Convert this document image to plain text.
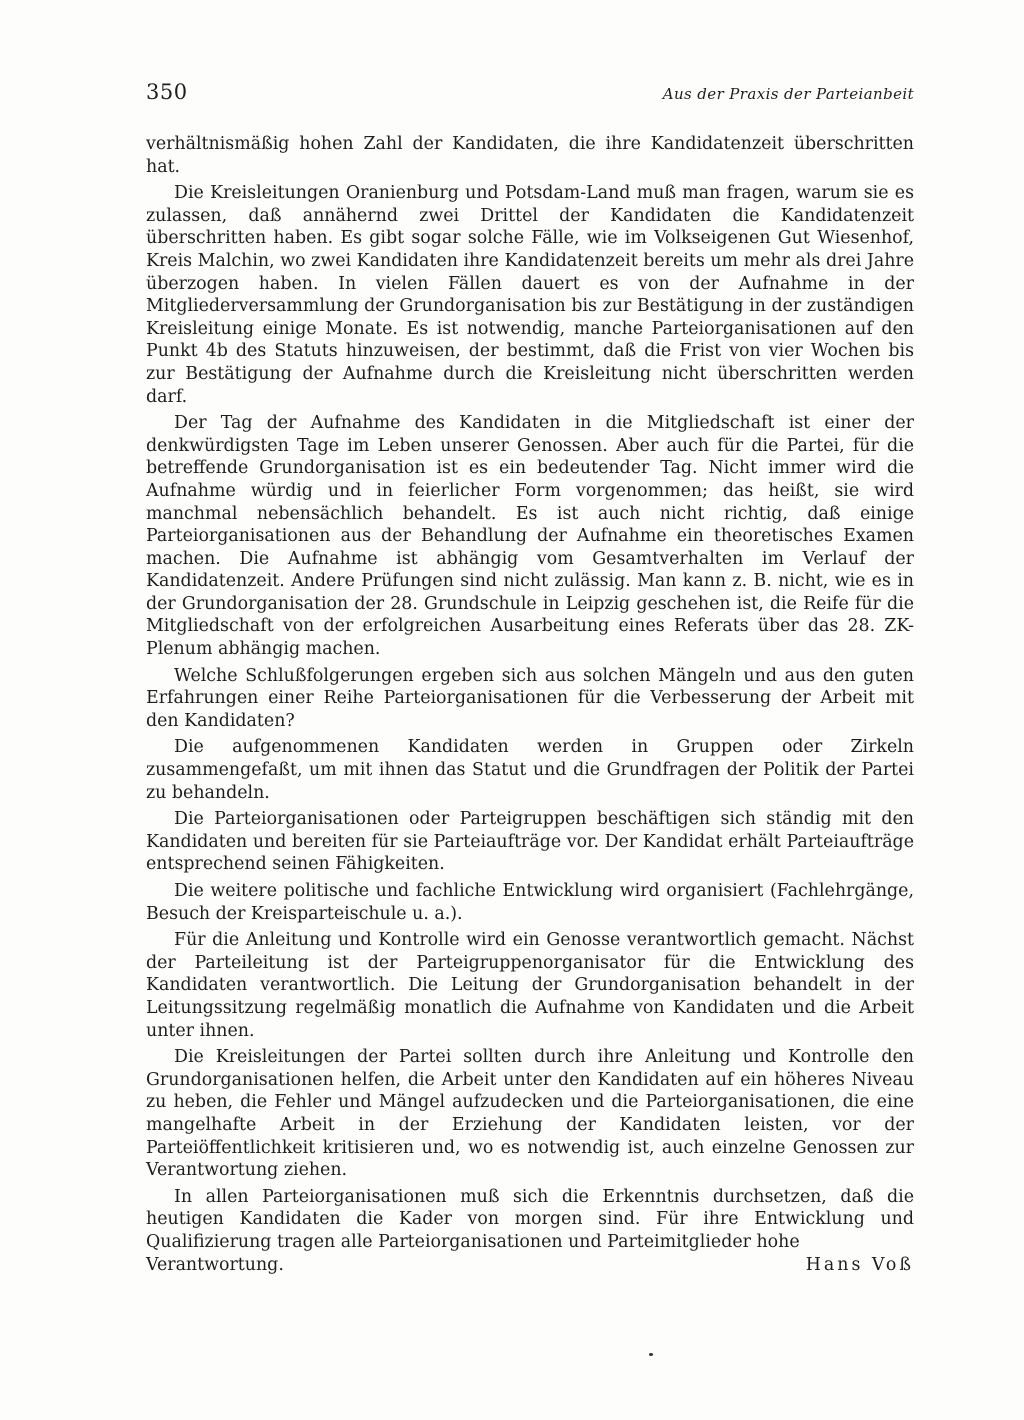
350	Aus der Praxis der Parteianbeit

verhältnismäßig hohen Zahl der Kandidaten, die ihre Kandidatenzeit überschritten hat.

Die Kreisleitungen Oranienburg und Potsdam-Land muß man fragen, warum sie es zulassen, daß annähernd zwei Drittel der Kandidaten die Kandidatenzeit überschritten haben. Es gibt sogar solche Fälle, wie im Volkseigenen Gut Wiesenhof, Kreis Malchin, wo zwei Kandidaten ihre Kandidatenzeit bereits um mehr als drei Jahre überzogen haben. In vielen Fällen dauert es von der Aufnahme in der Mitgliederversammlung der Grundorganisation bis zur Bestätigung in der zuständigen Kreisleitung einige Monate. Es ist notwendig, manche Parteiorganisationen auf den Punkt 4b des Statuts hinzuweisen, der bestimmt, daß die Frist von vier Wochen bis zur Bestätigung der Aufnahme durch die Kreisleitung nicht überschritten werden darf.

Der Tag der Aufnahme des Kandidaten in die Mitgliedschaft ist einer der denkwürdigsten Tage im Leben unserer Genossen. Aber auch für die Partei, für die betreffende Grundorganisation ist es ein bedeutender Tag. Nicht immer wird die Aufnahme würdig und in feierlicher Form vorgenommen; das heißt, sie wird manchmal nebensächlich behandelt. Es ist auch nicht richtig, daß einige Parteiorganisationen aus der Behandlung der Aufnahme ein theoretisches Examen machen. Die Aufnahme ist abhängig vom Gesamtverhalten im Verlauf der Kandidatenzeit. Andere Prüfungen sind nicht zulässig. Man kann z. B. nicht, wie es in der Grundorganisation der 28. Grundschule in Leipzig geschehen ist, die Reife für die Mitgliedschaft von der erfolgreichen Ausarbeitung eines Referats über das 28. ZK-Plenum abhängig machen.

Welche Schlußfolgerungen ergeben sich aus solchen Mängeln und aus den guten Erfahrungen einer Reihe Parteiorganisationen für die Verbesserung der Arbeit mit den Kandidaten?

Die aufgenommenen Kandidaten werden in Gruppen oder Zirkeln zusammengefaßt, um mit ihnen das Statut und die Grundfragen der Politik der Partei zu behandeln.

Die Parteiorganisationen oder Parteigruppen beschäftigen sich ständig mit den Kandidaten und bereiten für sie Parteiaufträge vor. Der Kandidat erhält Parteiaufträge entsprechend seinen Fähigkeiten.

Die weitere politische und fachliche Entwicklung wird organisiert (Fachlehrgänge, Besuch der Kreisparteischule u. a.).

Für die Anleitung und Kontrolle wird ein Genosse verantwortlich gemacht. Nächst der Parteileitung ist der Parteigruppenorganisator für die Entwicklung des Kandidaten verantwortlich. Die Leitung der Grundorganisation behandelt in der Leitungssitzung regelmäßig monatlich die Aufnahme von Kandidaten und die Arbeit unter ihnen.

Die Kreisleitungen der Partei sollten durch ihre Anleitung und Kontrolle den Grundorganisationen helfen, die Arbeit unter den Kandidaten auf ein höheres Niveau zu heben, die Fehler und Mängel aufzudecken und die Parteiorganisationen, die eine mangelhafte Arbeit in der Erziehung der Kandidaten leisten, vor der Parteiöffentlichkeit kritisieren und, wo es notwendig ist, auch einzelne Genossen zur Verantwortung ziehen.

In allen Parteiorganisationen muß sich die Erkenntnis durchsetzen, daß die heutigen Kandidaten die Kader von morgen sind. Für ihre Entwicklung und Qualifizierung tragen alle Parteiorganisationen und Parteimitglieder hohe
Verantwortung.	Hans Voß
